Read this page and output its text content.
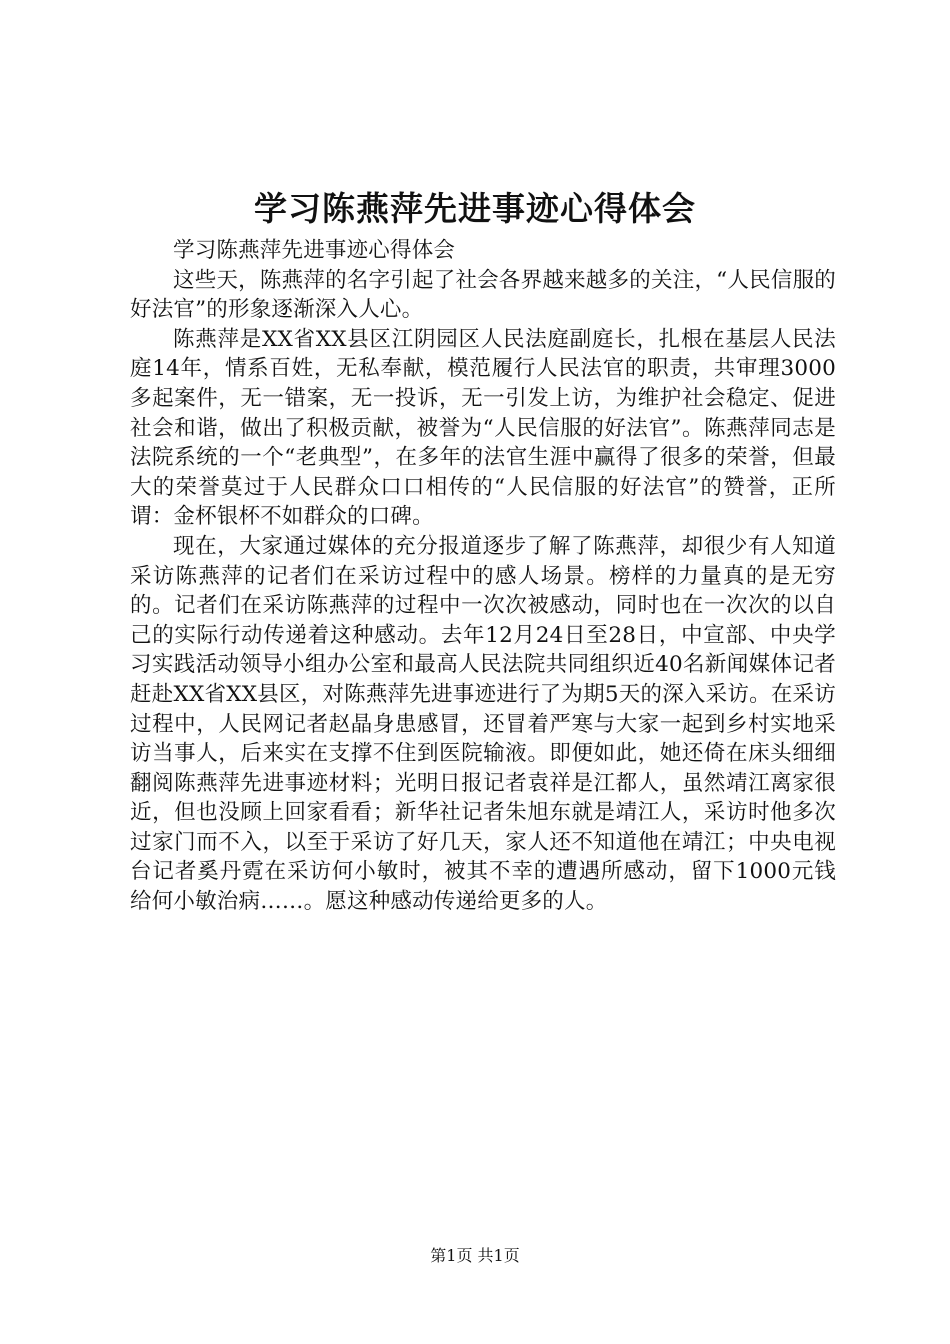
学习陈燕萍先进事迹心得体会

学习陈燕萍先进事迹心得体会

这些天，陈燕萍的名字引起了社会各界越来越多的关注，“人民信服的好法官”的形象逐渐深入人心。

陈燕萍是XX省XX县区江阴园区人民法庭副庭长，扎根在基层人民法庭14年，情系百姓，无私奉献，模范履行人民法官的职责，共审理3000多起案件，无一错案，无一投诉，无一引发上访，为维护社会稳定、促进社会和谐，做出了积极贡献，被誉为“人民信服的好法官”。陈燕萍同志是法院系统的一个“老典型”，在多年的法官生涯中赢得了很多的荣誉，但最大的荣誉莫过于人民群众口口相传的“人民信服的好法官”的赞誉，正所谓：金杯银杯不如群众的口碑。

现在，大家通过媒体的充分报道逐步了解了陈燕萍，却很少有人知道采访陈燕萍的记者们在采访过程中的感人场景。榜样的力量真的是无穷的。记者们在采访陈燕萍的过程中一次次被感动，同时也在一次次的以自己的实际行动传递着这种感动。去年12月24日至28日，中宣部、中央学习实践活动领导小组办公室和最高人民法院共同组织近40名新闻媒体记者赶赴XX省XX县区，对陈燕萍先进事迹进行了为期5天的深入采访。在采访过程中，人民网记者赵晶身患感冒，还冒着严寒与大家一起到乡村实地采访当事人，后来实在支撑不住到医院输液。即便如此，她还倚在床头细细翻阅陈燕萍先进事迹材料；光明日报记者袁祥是江都人，虽然靖江离家很近，但也没顾上回家看看；新华社记者朱旭东就是靖江人，采访时他多次过家门而不入，以至于采访了好几天，家人还不知道他在靖江；中央电视台记者奚丹霓在采访何小敏时，被其不幸的遭遇所感动，留下1000元钱给何小敏治病……。愿这种感动传递给更多的人。

第1页 共1页
